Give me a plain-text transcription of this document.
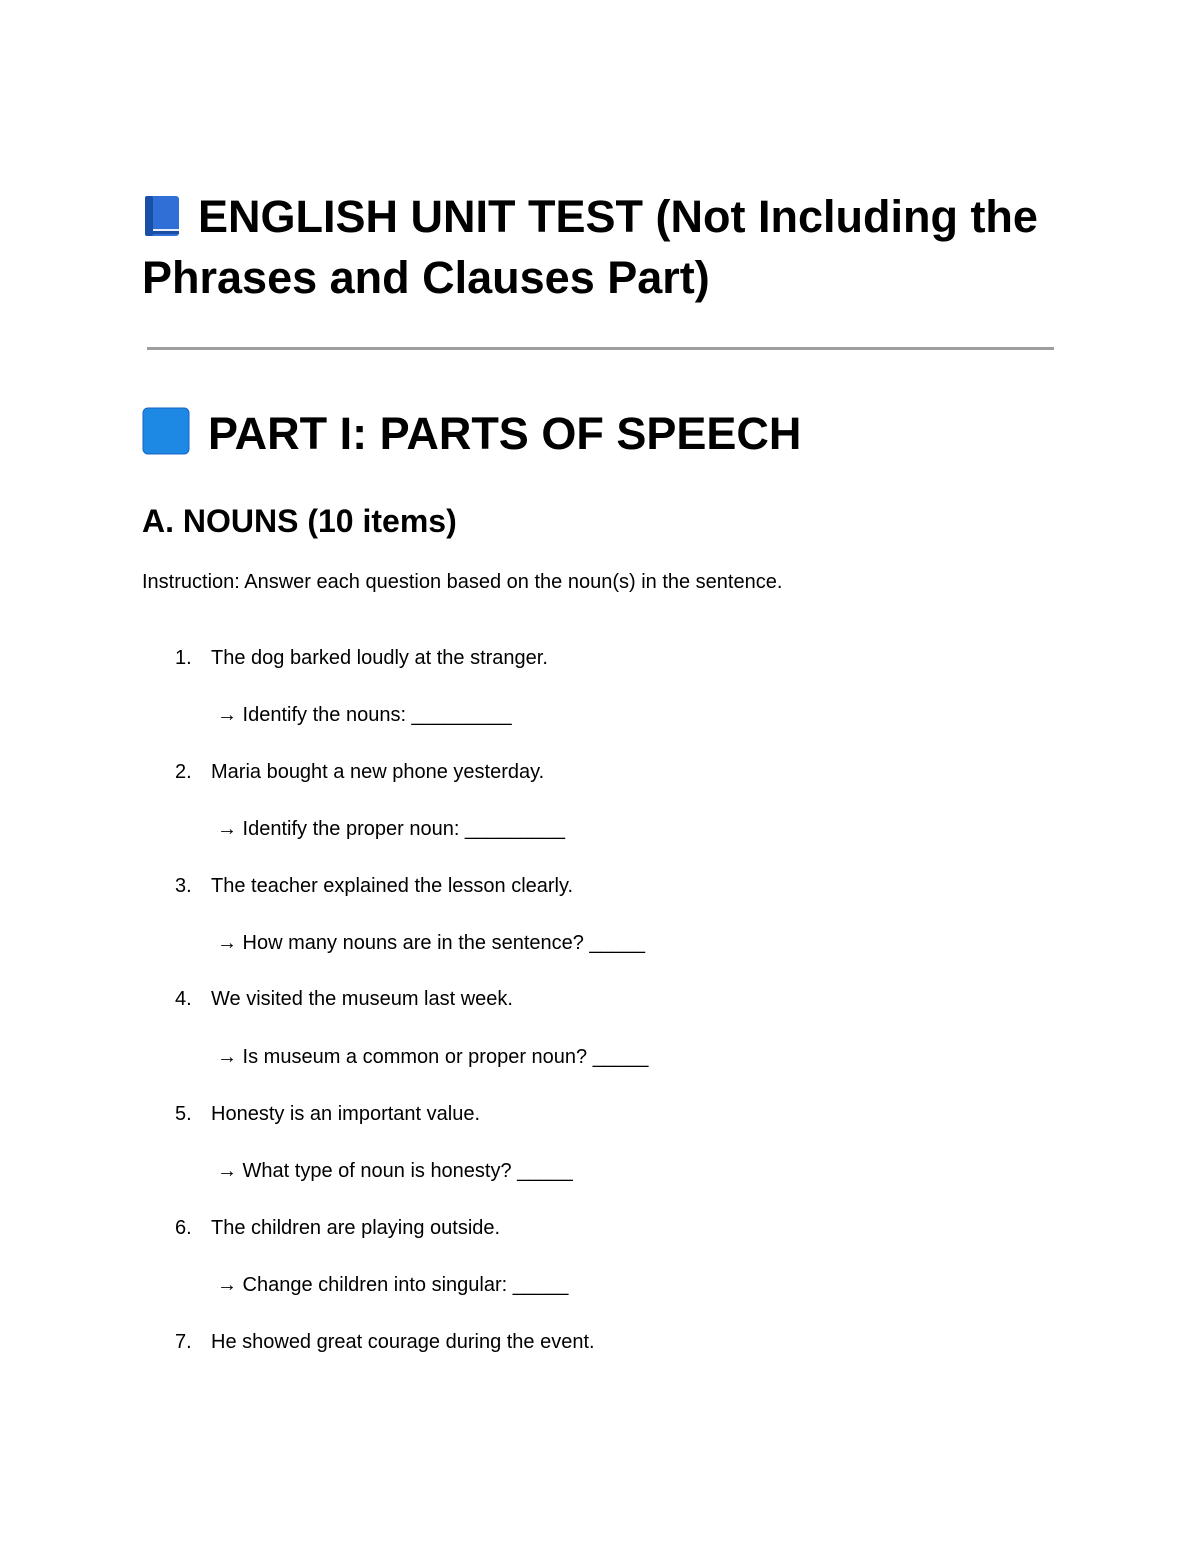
ENGLISH UNIT TEST (Not Including the Phrases and Clauses Part)
PART I: PARTS OF SPEECH
A. NOUNS (10 items)

Instruction: Answer each question based on the noun(s) in the sentence.

1. The dog barked loudly at the stranger.
→ Identify the nouns: _________
2. Maria bought a new phone yesterday.
→ Identify the proper noun: _________
3. The teacher explained the lesson clearly.
→ How many nouns are in the sentence? _____
4. We visited the museum last week.
→ Is museum a common or proper noun? _____
5. Honesty is an important value.
→ What type of noun is honesty? _____
6. The children are playing outside.
→ Change children into singular: _____
7. He showed great courage during the event.
